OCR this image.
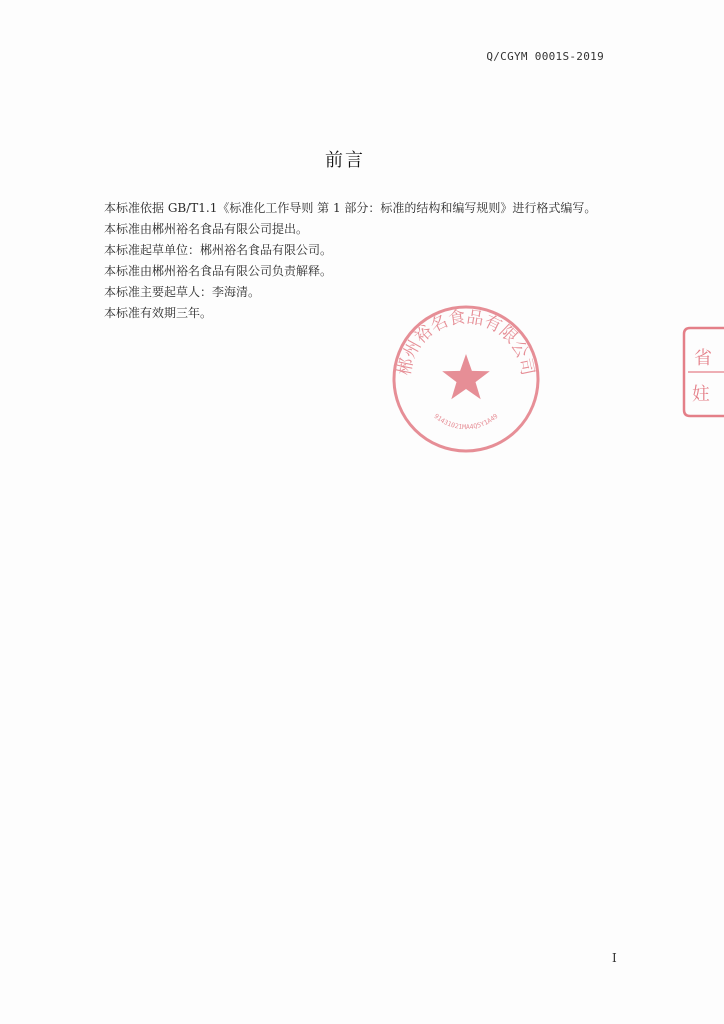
Q/CGYM 0001S-2019
前言
本标准依据 GB/T1.1《标准化工作导则 第 1 部分：标准的结构和编写规则》进行格式编写。
本标准由郴州裕名食品有限公司提出。
本标准起草单位：郴州裕名食品有限公司。
本标准由郴州裕名食品有限公司负责解释。
本标准主要起草人：李海清。
本标准有效期三年。
郴州裕名食品有限公司
91431021MA4Q5Y1A49
省
妵
I
